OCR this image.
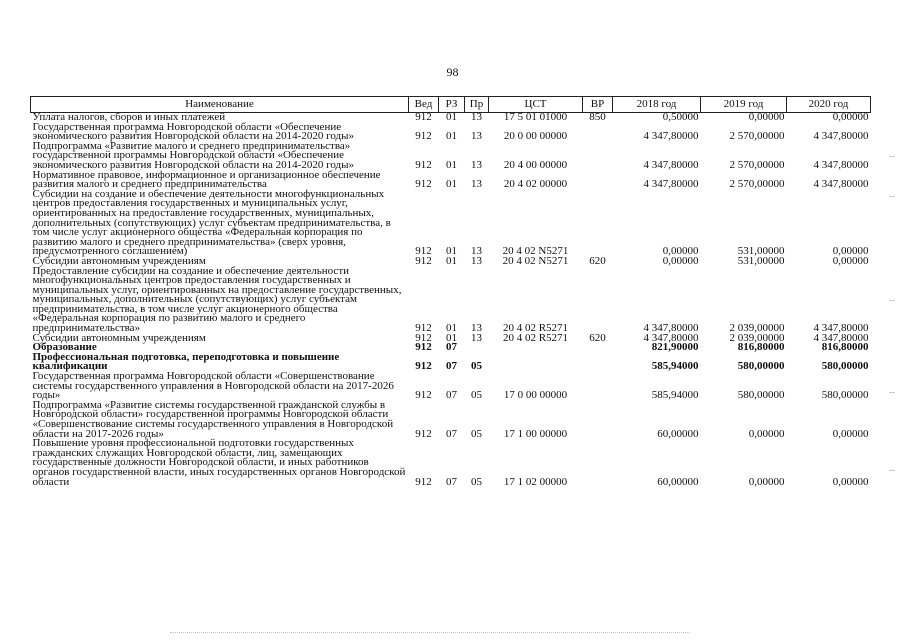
98
Наименование	Вед	РЗ	Пр	ЦСТ	ВР	2018 год	2019 год	2020 год
Уплата налогов, сборов и иных платежей	912	01	13	17 5 01 01000	850	0,50000	0,00000	0,00000
Государственная программа Новгородской области «Обеспечение экономического развития Новгородской области на 2014-2020 годы»	912	01	13	20 0 00 00000		4 347,80000	2 570,00000	4 347,80000
Подпрограмма «Развитие малого и среднего предпринимательства» государственной программы Новгородской области «Обеспечение экономического развития Новгородской области на 2014-2020 годы»	912	01	13	20 4 00 00000		4 347,80000	2 570,00000	4 347,80000
Нормативное правовое, информационное и организационное обеспечение развития малого и среднего предпринимательства	912	01	13	20 4 02 00000		4 347,80000	2 570,00000	4 347,80000
Субсидии на создание и обеспечение деятельности многофункциональных центров предоставления государственных и муниципальных услуг, ориентированных на предоставление государственных, муниципальных, дополнительных (сопутствующих) услуг субъектам предпринимательства, в том числе услуг акционерного общества «Федеральная корпорация по развитию малого и среднего предпринимательства» (сверх уровня, предусмотренного соглашением)	912	01	13	20 4 02 N5271		0,00000	531,00000	0,00000
Субсидии автономным учреждениям	912	01	13	20 4 02 N5271	620	0,00000	531,00000	0,00000
Предоставление субсидии на создание и обеспечение деятельности многофункциональных центров предоставления государственных и муниципальных услуг, ориентированных на предоставление государственных, муниципальных, дополнительных (сопутствующих) услуг субъектам предпринимательства, в том числе услуг акционерного общества «Федеральная корпорация по развитию малого и среднего предпринимательства»	912	01	13	20 4 02 R5271		4 347,80000	2 039,00000	4 347,80000
Субсидии автономным учреждениям	912	01	13	20 4 02 R5271	620	4 347,80000	2 039,00000	4 347,80000
Образование	912	07				821,90000	816,80000	816,80000
Профессиональная подготовка, переподготовка и повышение квалификации	912	07	05			585,94000	580,00000	580,00000
Государственная программа Новгородской области «Совершенствование системы государственного управления в Новгородской области на 2017-2026 годы»	912	07	05	17 0 00 00000		585,94000	580,00000	580,00000
Подпрограмма «Развитие системы государственной гражданской службы в Новгородской области» государственной программы Новгородской области «Совершенствование системы государственного управления в Новгородской области на 2017-2026 годы»	912	07	05	17 1 00 00000		60,00000	0,00000	0,00000
Повышение уровня профессиональной подготовки государственных гражданских служащих Новгородской области, лиц, замещающих государственные должности Новгородской области, и иных работников органов государственной власти, иных государственных органов Новгородской области	912	07	05	17 1 02 00000		60,00000	0,00000	0,00000
